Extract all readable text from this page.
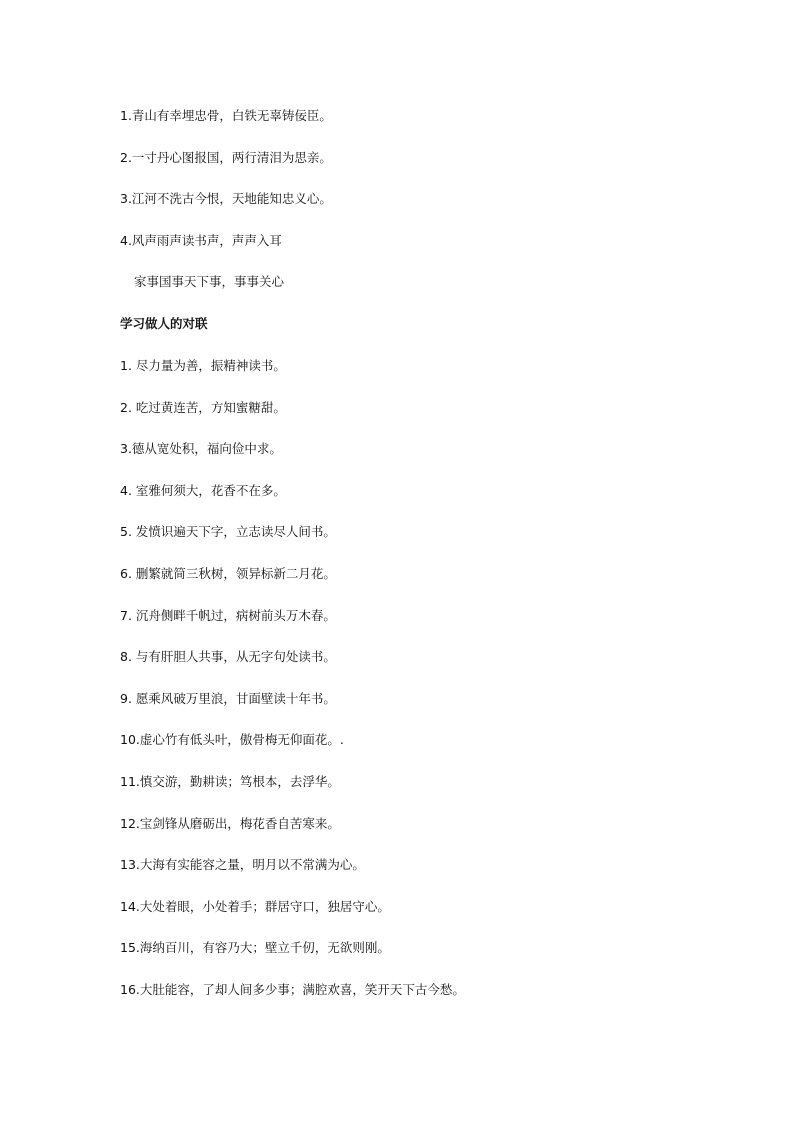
1.青山有幸埋忠骨，白铁无辜铸佞臣。
2.一寸丹心图报国，两行清泪为思亲。
3.江河不洗古今恨，天地能知忠义心。
4.风声雨声读书声，声声入耳
家事国事天下事，事事关心
学习做人的对联
1. 尽力量为善，振精神读书。
2. 吃过黄连苦，方知蜜糖甜。
3.德从宽处积，福向俭中求。
4. 室雅何须大，花香不在多。
5. 发愤识遍天下字，立志读尽人间书。
6. 删繁就简三秋树，领异标新二月花。
7. 沉舟侧畔千帆过，病树前头万木春。
8. 与有肝胆人共事，从无字句处读书。
9. 愿乘风破万里浪，甘面壁读十年书。
10.虚心竹有低头叶，傲骨梅无仰面花。.
11.慎交游，勤耕读；笃根本，去浮华。
12.宝剑锋从磨砺出，梅花香自苦寒来。
13.大海有实能容之量，明月以不常满为心。
14.大处着眼，小处着手；群居守口，独居守心。
15.海纳百川，有容乃大；壁立千仞，无欲则刚。
16.大肚能容，了却人间多少事；满腔欢喜，笑开天下古今愁。
